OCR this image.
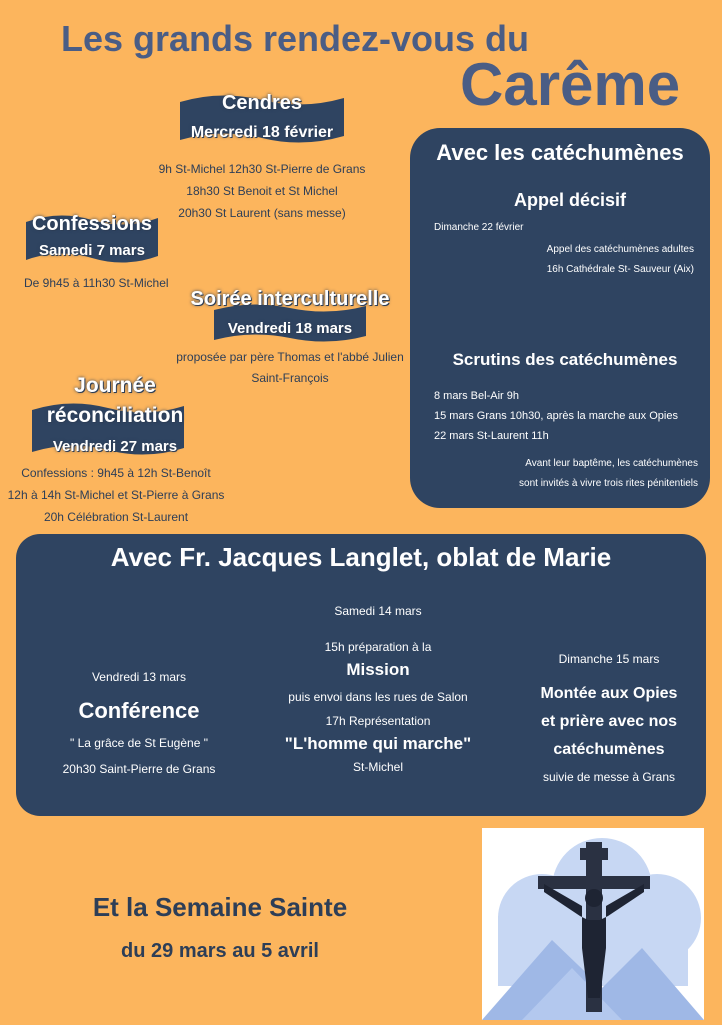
Les grands rendez-vous du
Carême
Cendres
Mercredi 18 février
9h St-Michel 12h30 St-Pierre de Grans
18h30 St Benoit et St Michel
20h30 St Laurent (sans messe)
Confessions
Samedi 7 mars
De 9h45 à 11h30 St-Michel
Soirée interculturelle
Vendredi 18 mars
proposée par père Thomas et l'abbé Julien
Saint-François
Journée
réconciliation
Vendredi 27 mars
Confessions : 9h45 à 12h St-Benoît
12h à 14h St-Michel et St-Pierre à Grans
20h Célébration St-Laurent
Avec les catéchumènes
Appel décisif
Dimanche 22 février
Appel des catéchumènes adultes
16h Cathédrale St- Sauveur (Aix)
Scrutins des catéchumènes
8 mars Bel-Air 9h
15 mars Grans 10h30, après la marche aux Opies
22 mars St-Laurent 11h
Avant leur baptême, les catéchumènes
sont invités à vivre trois rites pénitentiels
Avec Fr. Jacques Langlet, oblat de Marie
Vendredi 13 mars
Conférence
" La grâce de St Eugène "
20h30 Saint-Pierre de Grans
Samedi 14 mars
15h préparation à la
Mission
puis envoi dans les rues de Salon
17h Représentation
"L'homme qui marche"
St-Michel
Dimanche 15 mars
Montée aux Opies
et prière avec nos
catéchumènes
suivie de messe à Grans
Et la Semaine Sainte
du 29 mars au 5 avril
